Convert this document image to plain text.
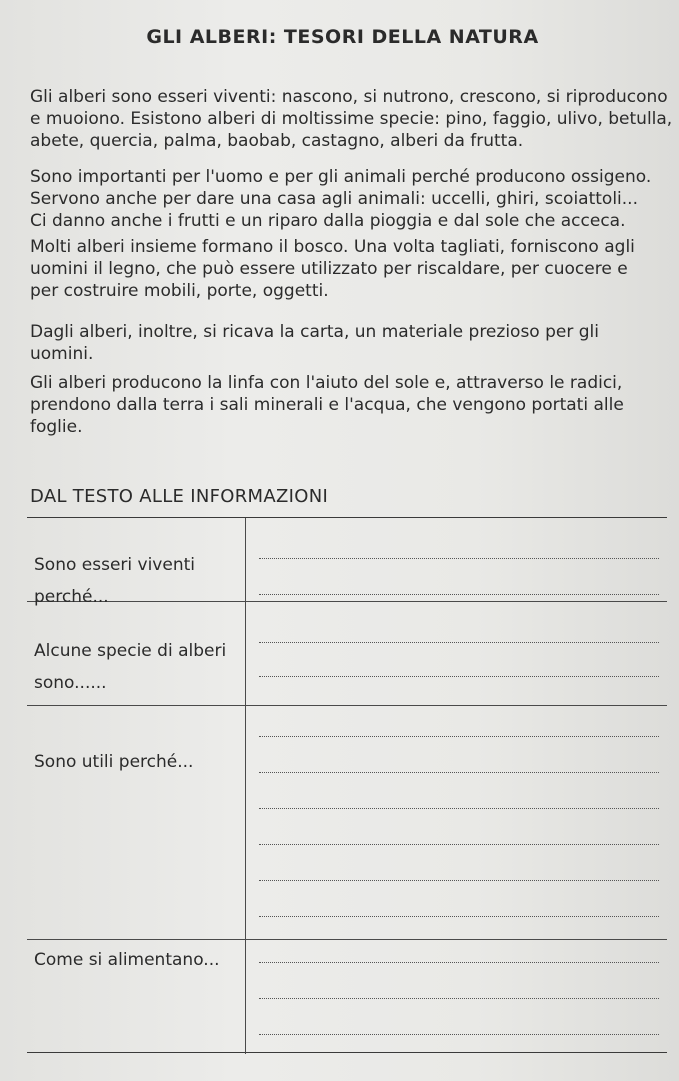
GLI ALBERI: TESORI DELLA NATURA

Gli alberi sono esseri viventi: nascono, si nutrono, crescono, si riproducono
e muoiono. Esistono alberi di moltissime specie: pino, faggio, ulivo, betulla,
abete, quercia, palma, baobab, castagno, alberi da frutta.

Sono importanti per l'uomo e per gli animali perché producono ossigeno.
Servono anche per dare una casa agli animali: uccelli, ghiri, scoiattoli...
Ci danno anche i frutti e un riparo dalla pioggia e dal sole che acceca.

Molti alberi insieme formano il bosco. Una volta tagliati, forniscono agli
uomini il legno, che può essere utilizzato per riscaldare, per cuocere e
per costruire mobili, porte, oggetti.

Dagli alberi, inoltre, si ricava la carta, un materiale prezioso per gli
uomini.

Gli alberi producono la linfa con l'aiuto del sole e, attraverso le radici,
prendono dalla terra i sali minerali e l'acqua, che vengono portati alle
foglie.

DAL TESTO ALLE INFORMAZIONI
Sono esseri viventi
perché...
Alcune specie di alberi
sono......
Sono utili perché...
Come si alimentano...
